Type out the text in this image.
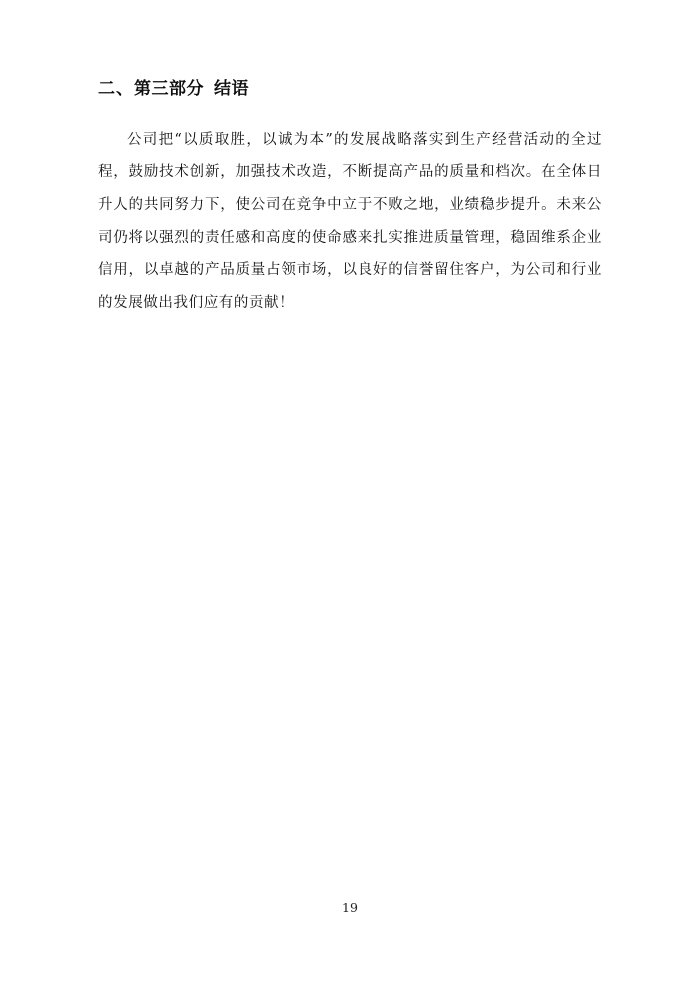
二、第三部分 结语

公司把“以质取胜，以诚为本”的发展战略落实到生产经营活动的全过程，鼓励技术创新，加强技术改造，不断提高产品的质量和档次。在全体日升人的共同努力下，使公司在竞争中立于不败之地，业绩稳步提升。未来公司仍将以强烈的责任感和高度的使命感来扎实推进质量管理，稳固维系企业信用，以卓越的产品质量占领市场，以良好的信誉留住客户，为公司和行业的发展做出我们应有的贡献！

19
